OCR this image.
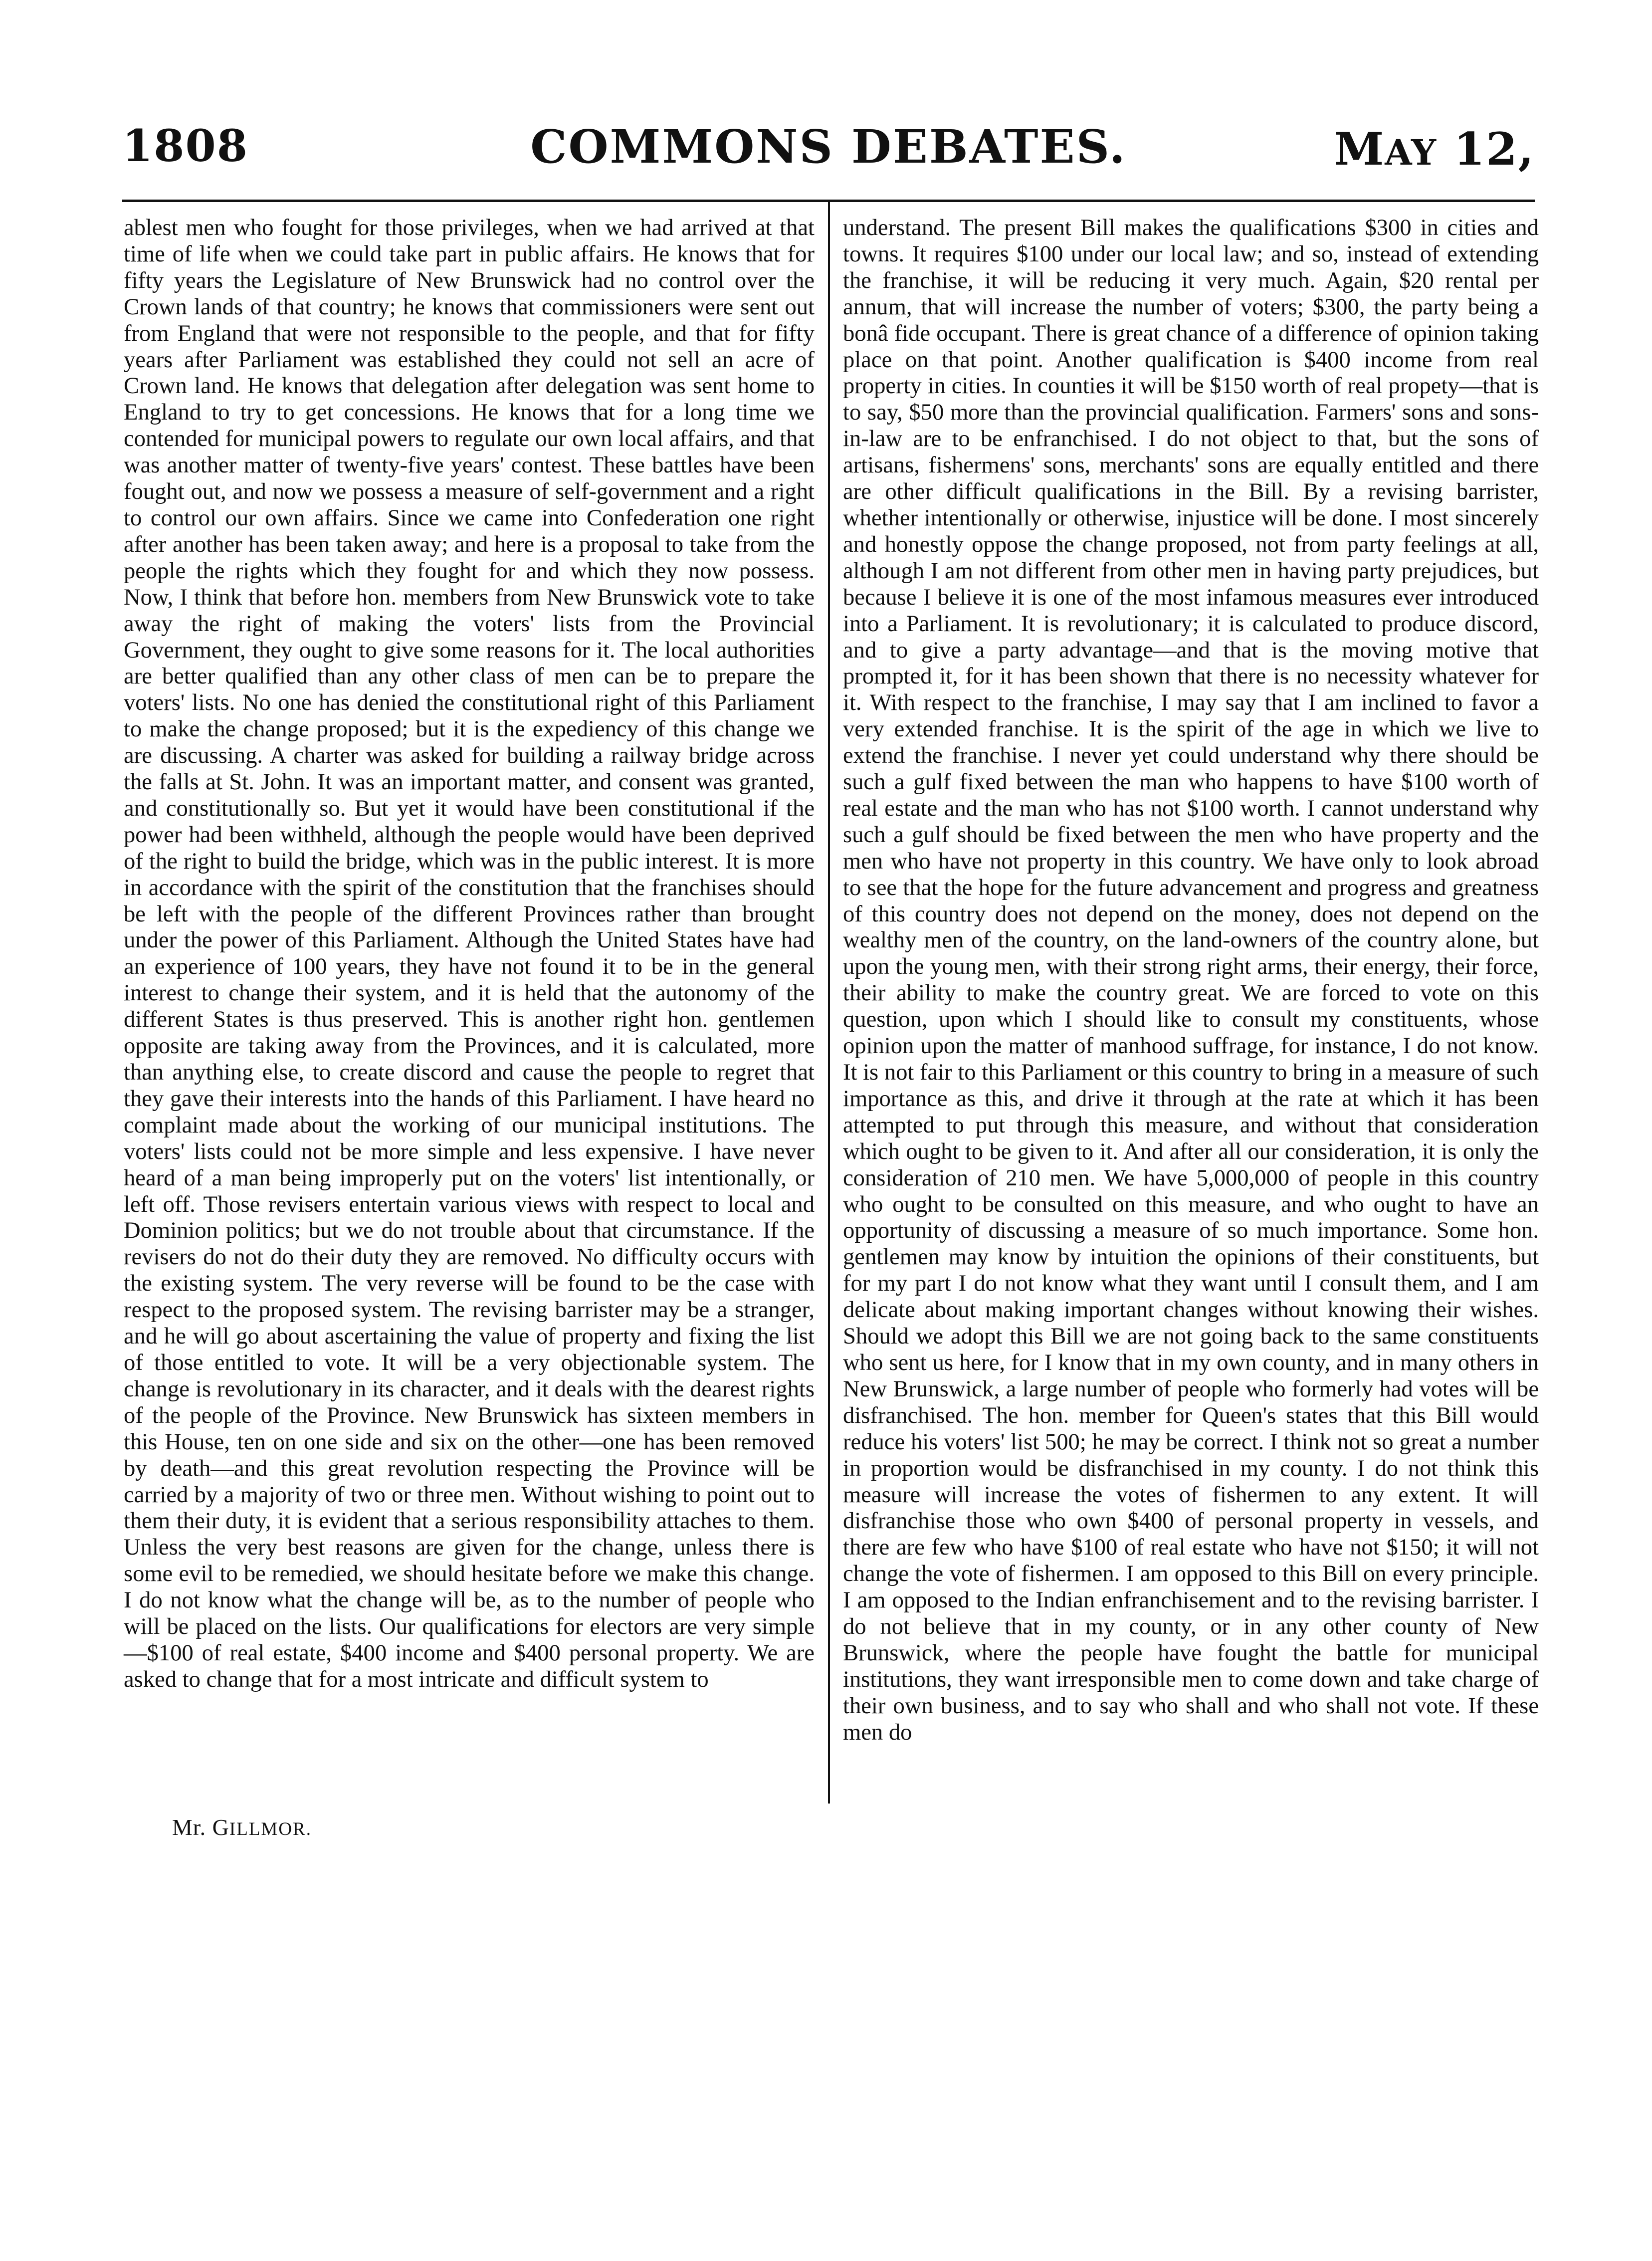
1808	COMMONS DEBATES.	MAY 12,

ablest men who fought for those privileges, when we had arrived at that time of life when we could take part in public affairs. He knows that for fifty years the Legislature of New Brunswick had no control over the Crown lands of that country; he knows that commissioners were sent out from England that were not responsible to the people, and that for fifty years after Parliament was established they could not sell an acre of Crown land. He knows that delegation after delegation was sent home to England to try to get concessions. He knows that for a long time we contended for municipal powers to regulate our own local affairs, and that was another matter of twenty-five years' contest. These battles have been fought out, and now we possess a measure of self-government and a right to control our own affairs. Since we came into Confederation one right after another has been taken away; and here is a proposal to take from the people the rights which they fought for and which they now possess. Now, I think that before hon. members from New Brunswick vote to take away the right of making the voters' lists from the Provincial Government, they ought to give some reasons for it. The local authorities are better qualified than any other class of men can be to prepare the voters' lists. No one has denied the constitutional right of this Parliament to make the change proposed; but it is the expediency of this change we are discussing. A charter was asked for building a railway bridge across the falls at St. John. It was an important matter, and consent was granted, and constitutionally so. But yet it would have been constitutional if the power had been withheld, although the people would have been deprived of the right to build the bridge, which was in the public interest. It is more in accordance with the spirit of the constitution that the franchises should be left with the people of the different Provinces rather than brought under the power of this Parliament. Although the United States have had an experience of 100 years, they have not found it to be in the general interest to change their system, and it is held that the autonomy of the different States is thus preserved. This is another right hon. gentlemen opposite are taking away from the Provinces, and it is calculated, more than anything else, to create discord and cause the people to regret that they gave their interests into the hands of this Parliament. I have heard no complaint made about the working of our municipal institutions. The voters' lists could not be more simple and less expensive. I have never heard of a man being improperly put on the voters' list intentionally, or left off. Those revisers entertain various views with respect to local and Dominion politics; but we do not trouble about that circumstance. If the revisers do not do their duty they are removed. No difficulty occurs with the existing system. The very reverse will be found to be the case with respect to the proposed system. The revising barrister may be a stranger, and he will go about ascertaining the value of property and fixing the list of those entitled to vote. It will be a very objectionable system. The change is revolutionary in its character, and it deals with the dearest rights of the people of the Province. New Brunswick has sixteen members in this House, ten on one side and six on the other—one has been removed by death—and this great revolution respecting the Province will be carried by a majority of two or three men. Without wishing to point out to them their duty, it is evident that a serious responsibility attaches to them. Unless the very best reasons are given for the change, unless there is some evil to be remedied, we should hesitate before we make this change. I do not know what the change will be, as to the number of people who will be placed on the lists. Our qualifications for electors are very simple—$100 of real estate, $400 income and $400 personal property. We are asked to change that for a most intricate and difficult system to

understand. The present Bill makes the qualifications $300 in cities and towns. It requires $100 under our local law; and so, instead of extending the franchise, it will be reducing it very much. Again, $20 rental per annum, that will increase the number of voters; $300, the party being a bonâ fide occupant. There is great chance of a difference of opinion taking place on that point. Another qualification is $400 income from real property in cities. In counties it will be $150 worth of real propety—that is to say, $50 more than the provincial qualification. Farmers' sons and sons-in-law are to be enfranchised. I do not object to that, but the sons of artisans, fishermens' sons, merchants' sons are equally entitled and there are other difficult qualifications in the Bill. By a revising barrister, whether intentionally or otherwise, injustice will be done. I most sincerely and honestly oppose the change proposed, not from party feelings at all, although I am not different from other men in having party prejudices, but because I believe it is one of the most infamous measures ever introduced into a Parliament. It is revolutionary; it is calculated to produce discord, and to give a party advantage—and that is the moving motive that prompted it, for it has been shown that there is no necessity whatever for it. With respect to the franchise, I may say that I am inclined to favor a very extended franchise. It is the spirit of the age in which we live to extend the franchise. I never yet could understand why there should be such a gulf fixed between the man who happens to have $100 worth of real estate and the man who has not $100 worth. I cannot understand why such a gulf should be fixed between the men who have property and the men who have not property in this country. We have only to look abroad to see that the hope for the future advancement and progress and greatness of this country does not depend on the money, does not depend on the wealthy men of the country, on the land-owners of the country alone, but upon the young men, with their strong right arms, their energy, their force, their ability to make the country great. We are forced to vote on this question, upon which I should like to consult my constituents, whose opinion upon the matter of manhood suffrage, for instance, I do not know. It is not fair to this Parliament or this country to bring in a measure of such importance as this, and drive it through at the rate at which it has been attempted to put through this measure, and without that consideration which ought to be given to it. And after all our consideration, it is only the consideration of 210 men. We have 5,000,000 of people in this country who ought to be consulted on this measure, and who ought to have an opportunity of discussing a measure of so much importance. Some hon. gentlemen may know by intuition the opinions of their constituents, but for my part I do not know what they want until I consult them, and I am delicate about making important changes without knowing their wishes. Should we adopt this Bill we are not going back to the same constituents who sent us here, for I know that in my own county, and in many others in New Brunswick, a large number of people who formerly had votes will be disfranchised. The hon. member for Queen's states that this Bill would reduce his voters' list 500; he may be correct. I think not so great a number in proportion would be disfranchised in my county. I do not think this measure will increase the votes of fishermen to any extent. It will disfranchise those who own $400 of personal property in vessels, and there are few who have $100 of real estate who have not $150; it will not change the vote of fishermen. I am opposed to this Bill on every principle. I am opposed to the Indian enfranchisement and to the revising barrister. I do not believe that in my county, or in any other county of New Brunswick, where the people have fought the battle for municipal institutions, they want irresponsible men to come down and take charge of their own business, and to say who shall and who shall not vote. If these men do

Mr. GILLMOR.
